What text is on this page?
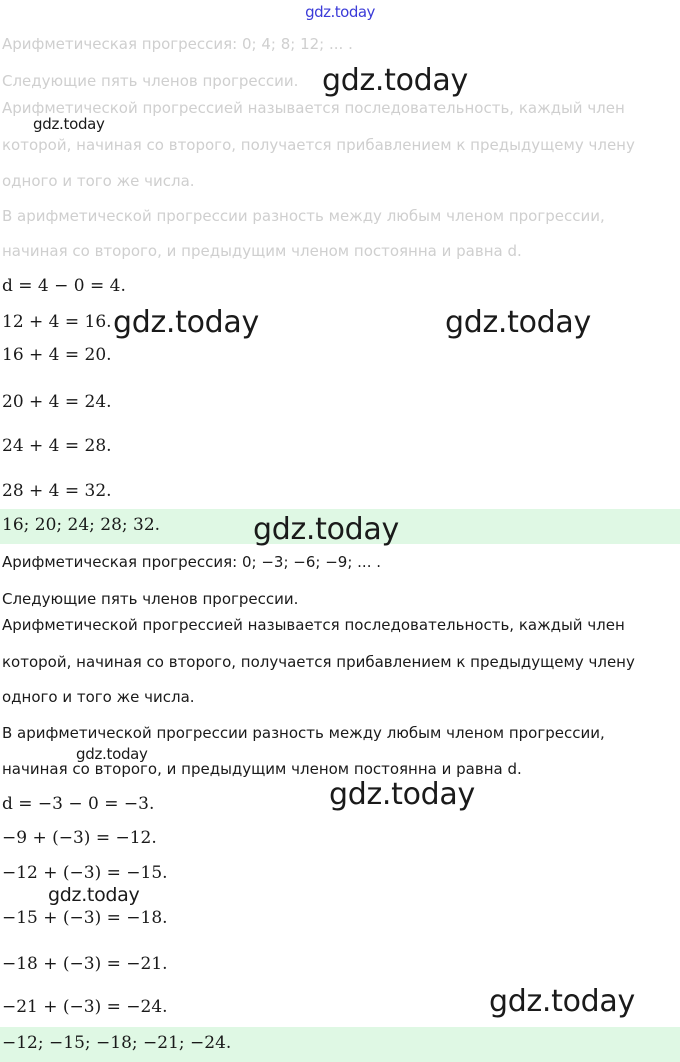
gdz.today
Арифметическая прогрессия: 0; 4; 8; 12; ... .
Следующие пять членов прогрессии.
Арифметической прогрессией называется последовательность, каждый член
которой, начиная со второго, получается прибавлением к предыдущему члену
одного и того же числа.
В арифметической прогрессии разность между любым членом прогрессии,
начиная со второго, и предыдущим членом постоянна и равна d.
d = 4 − 0 = 4.
12 + 4 = 16.
16 + 4 = 20.
20 + 4 = 24.
24 + 4 = 28.
28 + 4 = 32.
16; 20; 24; 28; 32.
Арифметическая прогрессия: 0; −3; −6; −9; ... .
Следующие пять членов прогрессии.
Арифметической прогрессией называется последовательность, каждый член
которой, начиная со второго, получается прибавлением к предыдущему члену
одного и того же числа.
В арифметической прогрессии разность между любым членом прогрессии,
начиная со второго, и предыдущим членом постоянна и равна d.
d = −3 − 0 = −3.
−9 + (−3) = −12.
−12 + (−3) = −15.
−15 + (−3) = −18.
−18 + (−3) = −21.
−21 + (−3) = −24.
−12; −15; −18; −21; −24.
gdz.today
gdz.today
gdz.today	gdz.today
gdz.today
gdz.today
gdz.today
gdz.today
gdz.today
